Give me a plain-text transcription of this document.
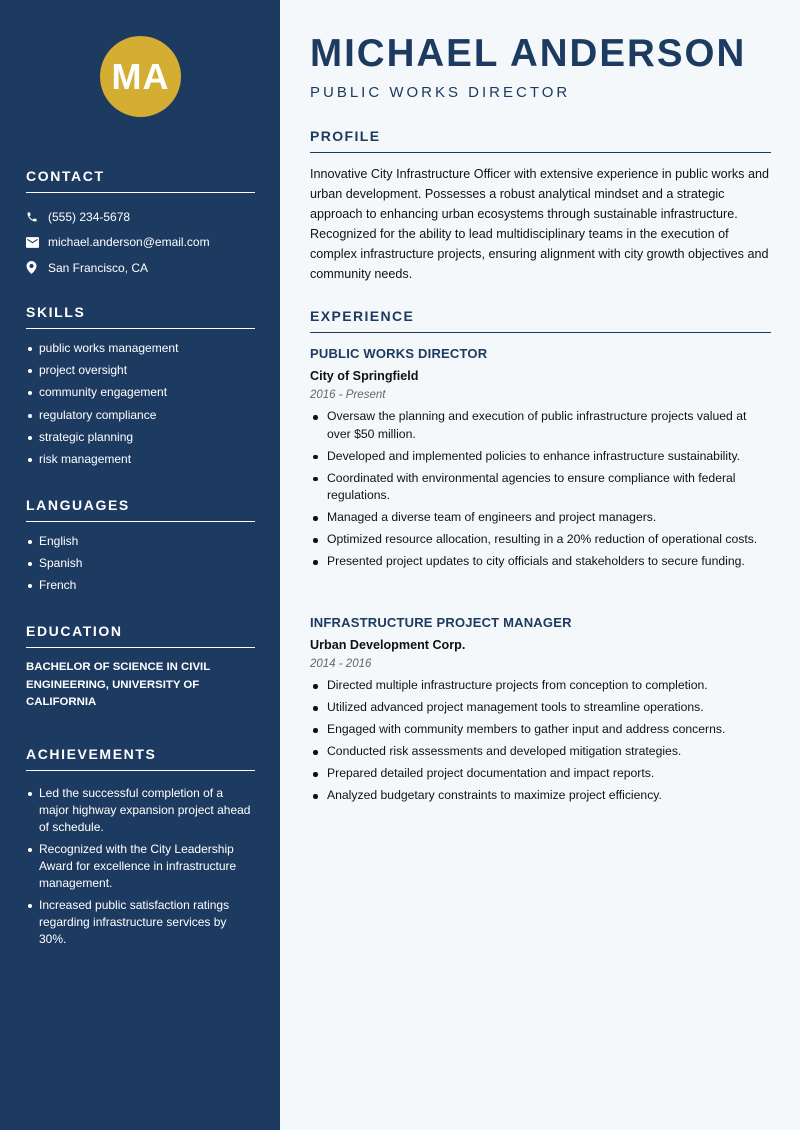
MA
CONTACT
(555) 234-5678
michael.anderson@email.com
San Francisco, CA
SKILLS
public works management
project oversight
community engagement
regulatory compliance
strategic planning
risk management
LANGUAGES
English
Spanish
French
EDUCATION
BACHELOR OF SCIENCE IN CIVIL ENGINEERING, UNIVERSITY OF CALIFORNIA
ACHIEVEMENTS
Led the successful completion of a major highway expansion project ahead of schedule.
Recognized with the City Leadership Award for excellence in infrastructure management.
Increased public satisfaction ratings regarding infrastructure services by 30%.
MICHAEL ANDERSON
PUBLIC WORKS DIRECTOR
PROFILE
Innovative City Infrastructure Officer with extensive experience in public works and urban development. Possesses a robust analytical mindset and a strategic approach to enhancing urban ecosystems through sustainable infrastructure. Recognized for the ability to lead multidisciplinary teams in the execution of complex infrastructure projects, ensuring alignment with city growth objectives and community needs.
EXPERIENCE
PUBLIC WORKS DIRECTOR
City of Springfield
2016 - Present
Oversaw the planning and execution of public infrastructure projects valued at over $50 million.
Developed and implemented policies to enhance infrastructure sustainability.
Coordinated with environmental agencies to ensure compliance with federal regulations.
Managed a diverse team of engineers and project managers.
Optimized resource allocation, resulting in a 20% reduction of operational costs.
Presented project updates to city officials and stakeholders to secure funding.
INFRASTRUCTURE PROJECT MANAGER
Urban Development Corp.
2014 - 2016
Directed multiple infrastructure projects from conception to completion.
Utilized advanced project management tools to streamline operations.
Engaged with community members to gather input and address concerns.
Conducted risk assessments and developed mitigation strategies.
Prepared detailed project documentation and impact reports.
Analyzed budgetary constraints to maximize project efficiency.
